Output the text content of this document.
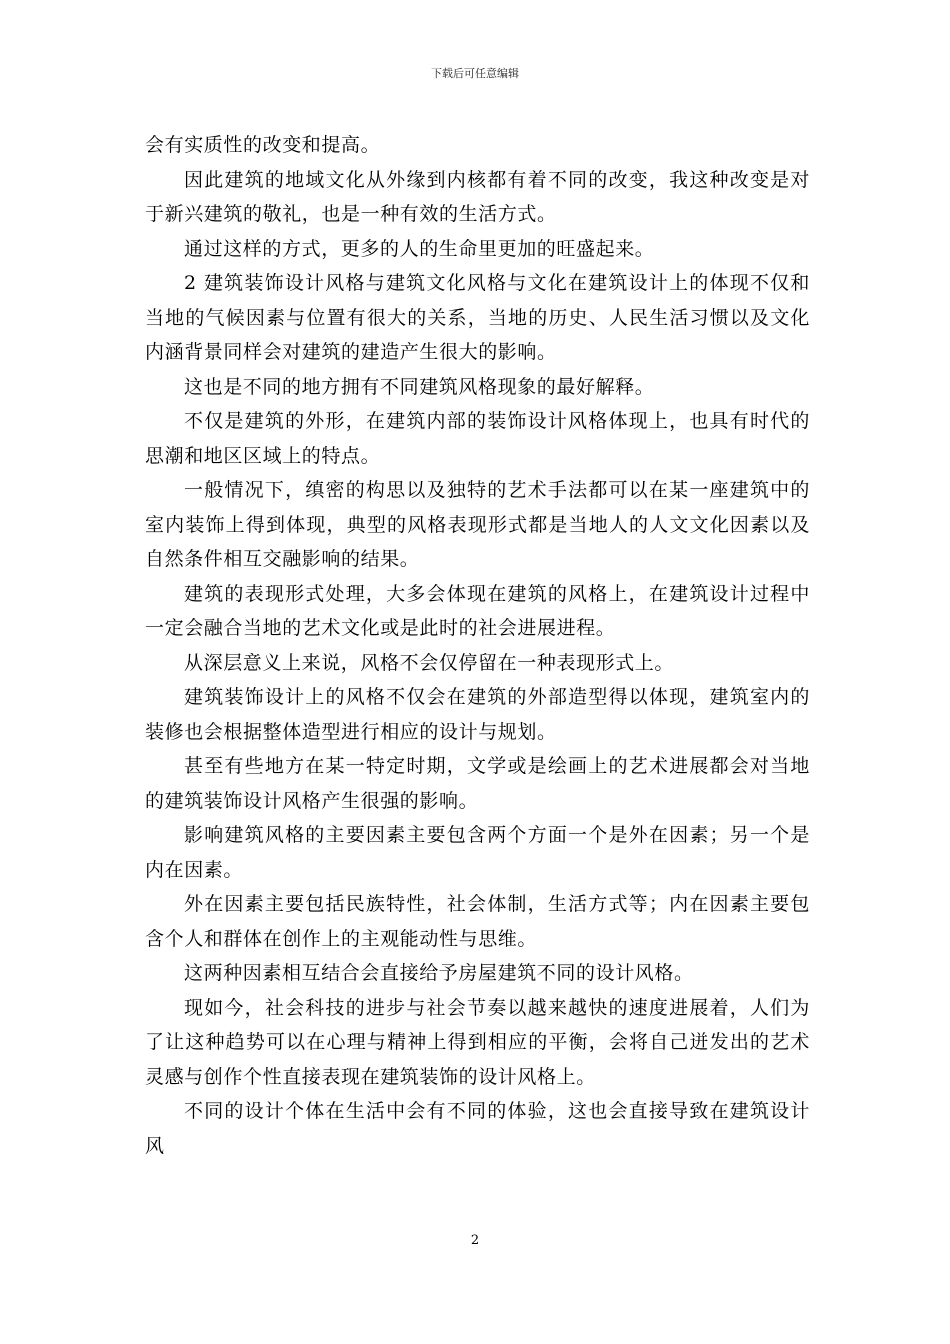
下载后可任意编辑

会有实质性的改变和提高。

因此建筑的地域文化从外缘到内核都有着不同的改变，我这种改变是对于新兴建筑的敬礼，也是一种有效的生活方式。

通过这样的方式，更多的人的生命里更加的旺盛起来。

2 建筑装饰设计风格与建筑文化风格与文化在建筑设计上的体现不仅和当地的气候因素与位置有很大的关系，当地的历史、人民生活习惯以及文化内涵背景同样会对建筑的建造产生很大的影响。

这也是不同的地方拥有不同建筑风格现象的最好解释。

不仅是建筑的外形，在建筑内部的装饰设计风格体现上，也具有时代的思潮和地区区域上的特点。

一般情况下，缜密的构思以及独特的艺术手法都可以在某一座建筑中的室内装饰上得到体现，典型的风格表现形式都是当地人的人文文化因素以及自然条件相互交融影响的结果。

建筑的表现形式处理，大多会体现在建筑的风格上，在建筑设计过程中一定会融合当地的艺术文化或是此时的社会进展进程。

从深层意义上来说，风格不会仅停留在一种表现形式上。

建筑装饰设计上的风格不仅会在建筑的外部造型得以体现，建筑室内的装修也会根据整体造型进行相应的设计与规划。

甚至有些地方在某一特定时期，文学或是绘画上的艺术进展都会对当地的建筑装饰设计风格产生很强的影响。

影响建筑风格的主要因素主要包含两个方面一个是外在因素；另一个是内在因素。

外在因素主要包括民族特性，社会体制，生活方式等；内在因素主要包含个人和群体在创作上的主观能动性与思维。

这两种因素相互结合会直接给予房屋建筑不同的设计风格。

现如今，社会科技的进步与社会节奏以越来越快的速度进展着，人们为了让这种趋势可以在心理与精神上得到相应的平衡，会将自己迸发出的艺术灵感与创作个性直接表现在建筑装饰的设计风格上。

不同的设计个体在生活中会有不同的体验，这也会直接导致在建筑设计风

2
